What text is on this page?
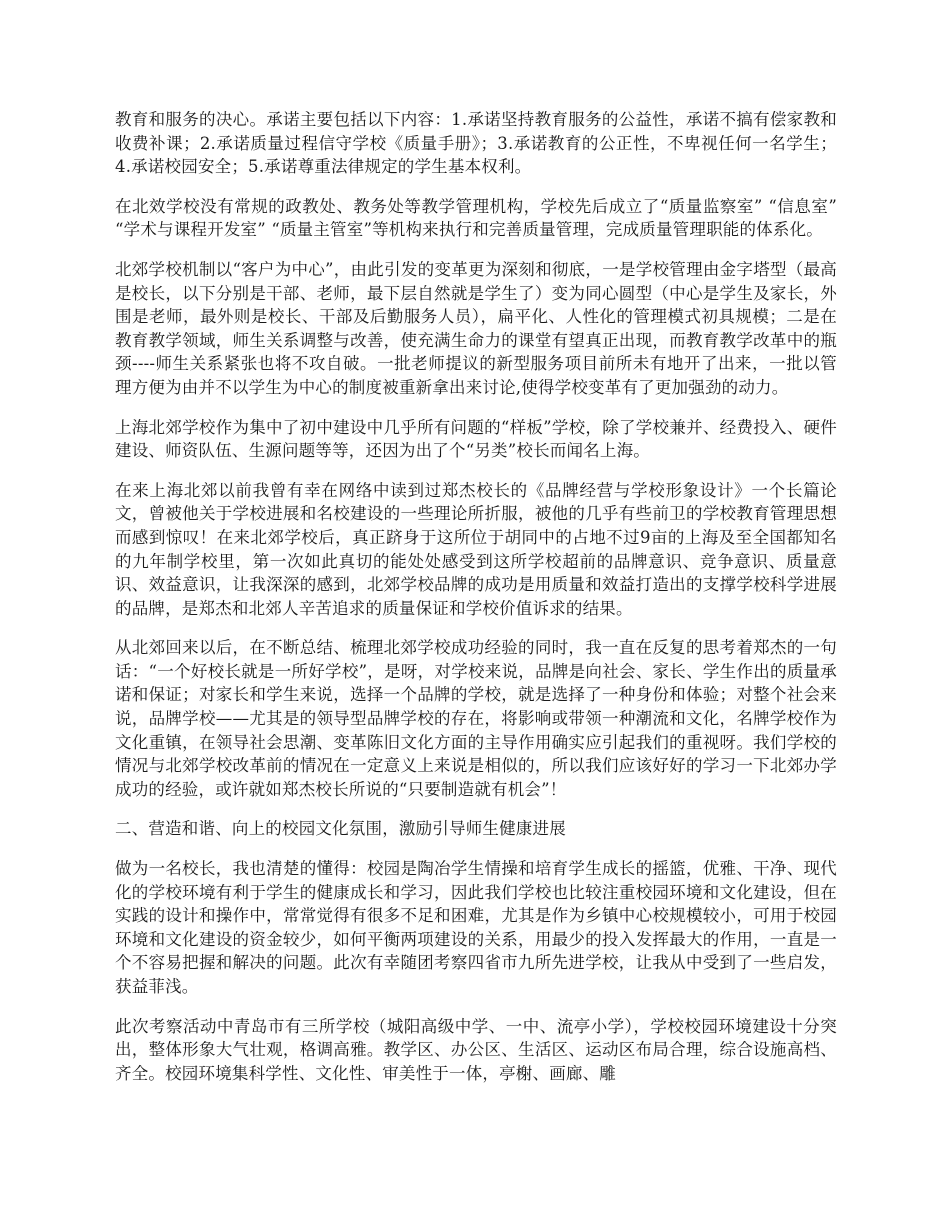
教育和服务的决心。承诺主要包括以下内容：1.承诺坚持教育服务的公益性，承诺不搞有偿家教和收费补课；2.承诺质量过程信守学校《质量手册》；3.承诺教育的公正性，不卑视任何一名学生；4.承诺校园安全；5.承诺尊重法律规定的学生基本权利。

在北效学校没有常规的政教处、教务处等教学管理机构，学校先后成立了“质量监察室” “信息室” “学术与课程开发室” “质量主管室”等机构来执行和完善质量管理，完成质量管理职能的体系化。

北郊学校机制以“客户为中心”，由此引发的变革更为深刻和彻底，一是学校管理由金字塔型（最高是校长，以下分别是干部、老师，最下层自然就是学生了）变为同心圆型（中心是学生及家长，外围是老师，最外则是校长、干部及后勤服务人员），扁平化、人性化的管理模式初具规模；二是在教育教学领域，师生关系调整与改善，使充满生命力的课堂有望真正出现，而教育教学改革中的瓶颈----师生关系紧张也将不攻自破。一批老师提议的新型服务项目前所未有地开了出来，一批以管理方便为由并不以学生为中心的制度被重新拿出来讨论,使得学校变革有了更加强劲的动力。

上海北郊学校作为集中了初中建设中几乎所有问题的“样板”学校，除了学校兼并、经费投入、硬件建设、师资队伍、生源问题等等，还因为出了个“另类”校长而闻名上海。

在来上海北郊以前我曾有幸在网络中读到过郑杰校长的《品牌经营与学校形象设计》一个长篇论文，曾被他关于学校进展和名校建设的一些理论所折服，被他的几乎有些前卫的学校教育管理思想而感到惊叹！在来北郊学校后，真正跻身于这所位于胡同中的占地不过9亩的上海及至全国都知名的九年制学校里，第一次如此真切的能处处感受到这所学校超前的品牌意识、竞争意识、质量意识、效益意识，让我深深的感到，北郊学校品牌的成功是用质量和效益打造出的支撑学校科学进展的品牌，是郑杰和北郊人辛苦追求的质量保证和学校价值诉求的结果。

从北郊回来以后，在不断总结、梳理北郊学校成功经验的同时，我一直在反复的思考着郑杰的一句话：“一个好校长就是一所好学校”，是呀，对学校来说，品牌是向社会、家长、学生作出的质量承诺和保证；对家长和学生来说，选择一个品牌的学校，就是选择了一种身份和体验；对整个社会来说，品牌学校——尤其是的领导型品牌学校的存在，将影响或带领一种潮流和文化，名牌学校作为文化重镇，在领导社会思潮、变革陈旧文化方面的主导作用确实应引起我们的重视呀。我们学校的情况与北郊学校改革前的情况在一定意义上来说是相似的，所以我们应该好好的学习一下北郊办学成功的经验，或许就如郑杰校长所说的“只要制造就有机会”！

二、营造和谐、向上的校园文化氛围，激励引导师生健康进展

做为一名校长，我也清楚的懂得：校园是陶冶学生情操和培育学生成长的摇篮，优雅、干净、现代化的学校环境有利于学生的健康成长和学习，因此我们学校也比较注重校园环境和文化建设，但在实践的设计和操作中，常常觉得有很多不足和困难，尤其是作为乡镇中心校规模较小，可用于校园环境和文化建设的资金较少，如何平衡两项建设的关系，用最少的投入发挥最大的作用，一直是一个不容易把握和解决的问题。此次有幸随团考察四省市九所先进学校，让我从中受到了一些启发，获益菲浅。

此次考察活动中青岛市有三所学校（城阳高级中学、一中、流亭小学），学校校园环境建设十分突出，整体形象大气壮观，格调高雅。教学区、办公区、生活区、运动区布局合理，综合设施高档、齐全。校园环境集科学性、文化性、审美性于一体，亭榭、画廊、雕
